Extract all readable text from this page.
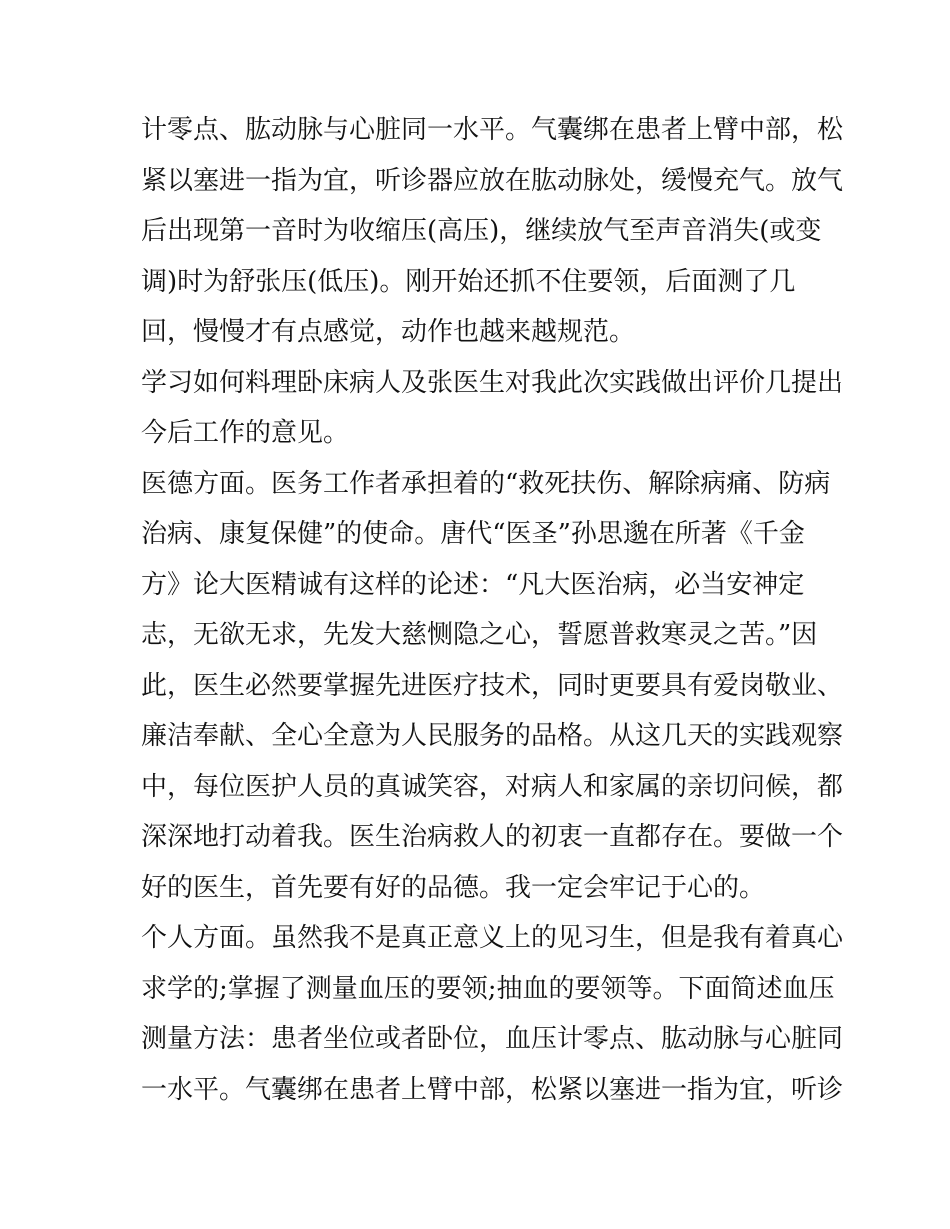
计零点、肱动脉与心脏同一水平。气囊绑在患者上臂中部，松
紧以塞进一指为宜，听诊器应放在肱动脉处，缓慢充气。放气
后出现第一音时为收缩压(高压)，继续放气至声音消失(或变
调)时为舒张压(低压)。刚开始还抓不住要领，后面测了几
回，慢慢才有点感觉，动作也越来越规范。
学习如何料理卧床病人及张医生对我此次实践做出评价几提出
今后工作的意见。
医德方面。医务工作者承担着的“救死扶伤、解除病痛、防病
治病、康复保健”的使命。唐代“医圣”孙思邈在所著《千金
方》论大医精诚有这样的论述：“凡大医治病，必当安神定
志，无欲无求，先发大慈恻隐之心，誓愿普救寒灵之苦。”因
此，医生必然要掌握先进医疗技术，同时更要具有爱岗敬业、
廉洁奉献、全心全意为人民服务的品格。从这几天的实践观察
中，每位医护人员的真诚笑容，对病人和家属的亲切问候，都
深深地打动着我。医生治病救人的初衷一直都存在。要做一个
好的医生，首先要有好的品德。我一定会牢记于心的。
个人方面。虽然我不是真正意义上的见习生，但是我有着真心
求学的;掌握了测量血压的要领;抽血的要领等。下面简述血压
测量方法：患者坐位或者卧位，血压计零点、肱动脉与心脏同
一水平。气囊绑在患者上臂中部，松紧以塞进一指为宜，听诊
